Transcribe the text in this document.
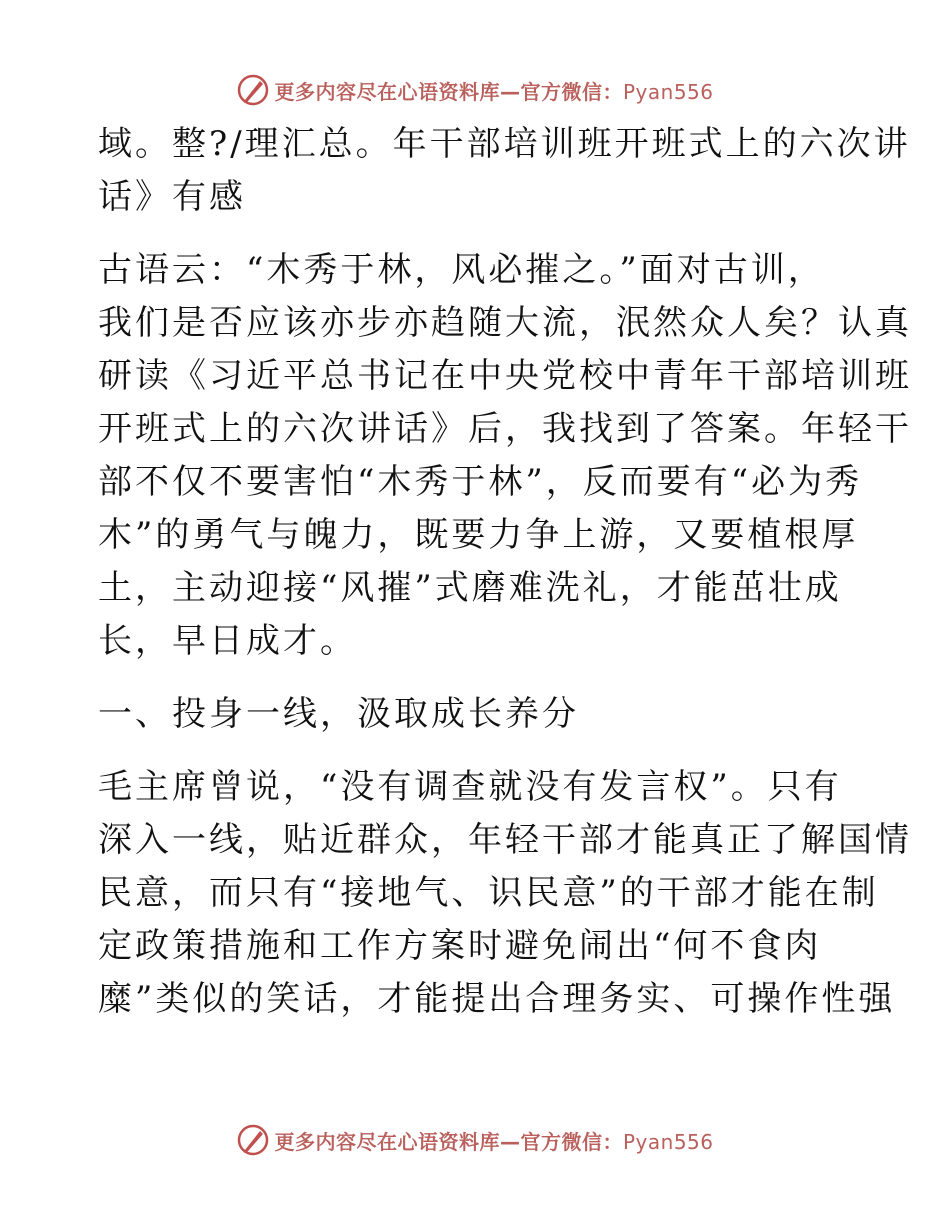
更多内容尽在心语资料库—官方微信：Pyan556
域。整?/理汇总。年干部培训班开班式上的六次讲
话》有感
古语云：“木秀于林，风必摧之。”面对古训，
我们是否应该亦步亦趋随大流，泯然众人矣？认真
研读《习近平总书记在中央党校中青年干部培训班
开班式上的六次讲话》后，我找到了答案。年轻干
部不仅不要害怕“木秀于林”，反而要有“必为秀
木”的勇气与魄力，既要力争上游，又要植根厚
土，主动迎接“风摧”式磨难洗礼，才能茁壮成
长，早日成才。
一、投身一线，汲取成长养分
毛主席曾说，“没有调查就没有发言权”。只有
深入一线，贴近群众，年轻干部才能真正了解国情
民意，而只有“接地气、识民意”的干部才能在制
定政策措施和工作方案时避免闹出“何不食肉
糜”类似的笑话，才能提出合理务实、可操作性强
更多内容尽在心语资料库—官方微信：Pyan556
